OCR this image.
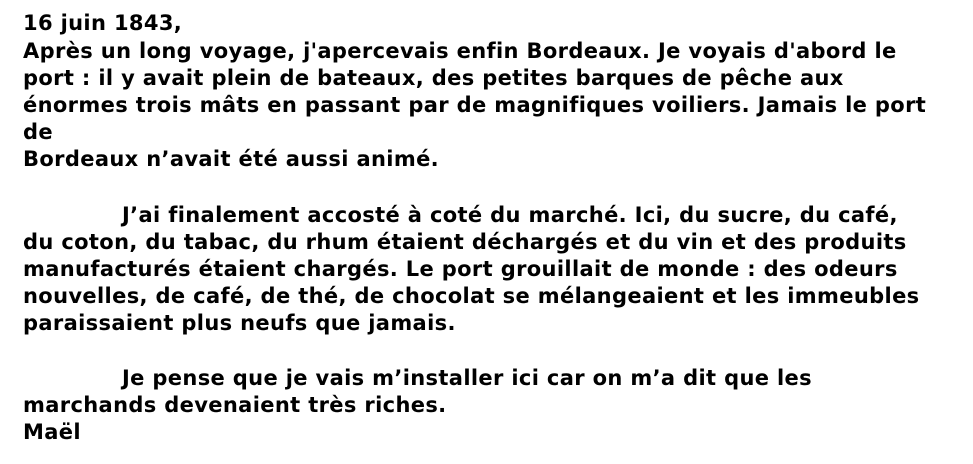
16 juin 1843,
Après un long voyage, j'apercevais enfin Bordeaux. Je voyais d'abord le
port : il y avait plein de bateaux, des petites barques de pêche aux
énormes trois mâts en passant par de magnifiques voiliers. Jamais le port
de
Bordeaux n’avait été aussi animé.
J’ai finalement accosté à coté du marché. Ici, du sucre, du café,
du coton, du tabac, du rhum étaient déchargés et du vin et des produits
manufacturés étaient chargés. Le port grouillait de monde : des odeurs
nouvelles, de café, de thé, de chocolat se mélangeaient et les immeubles
paraissaient plus neufs que jamais.
Je pense que je vais m’installer ici car on m’a dit que les
marchands devenaient très riches.
Maël
